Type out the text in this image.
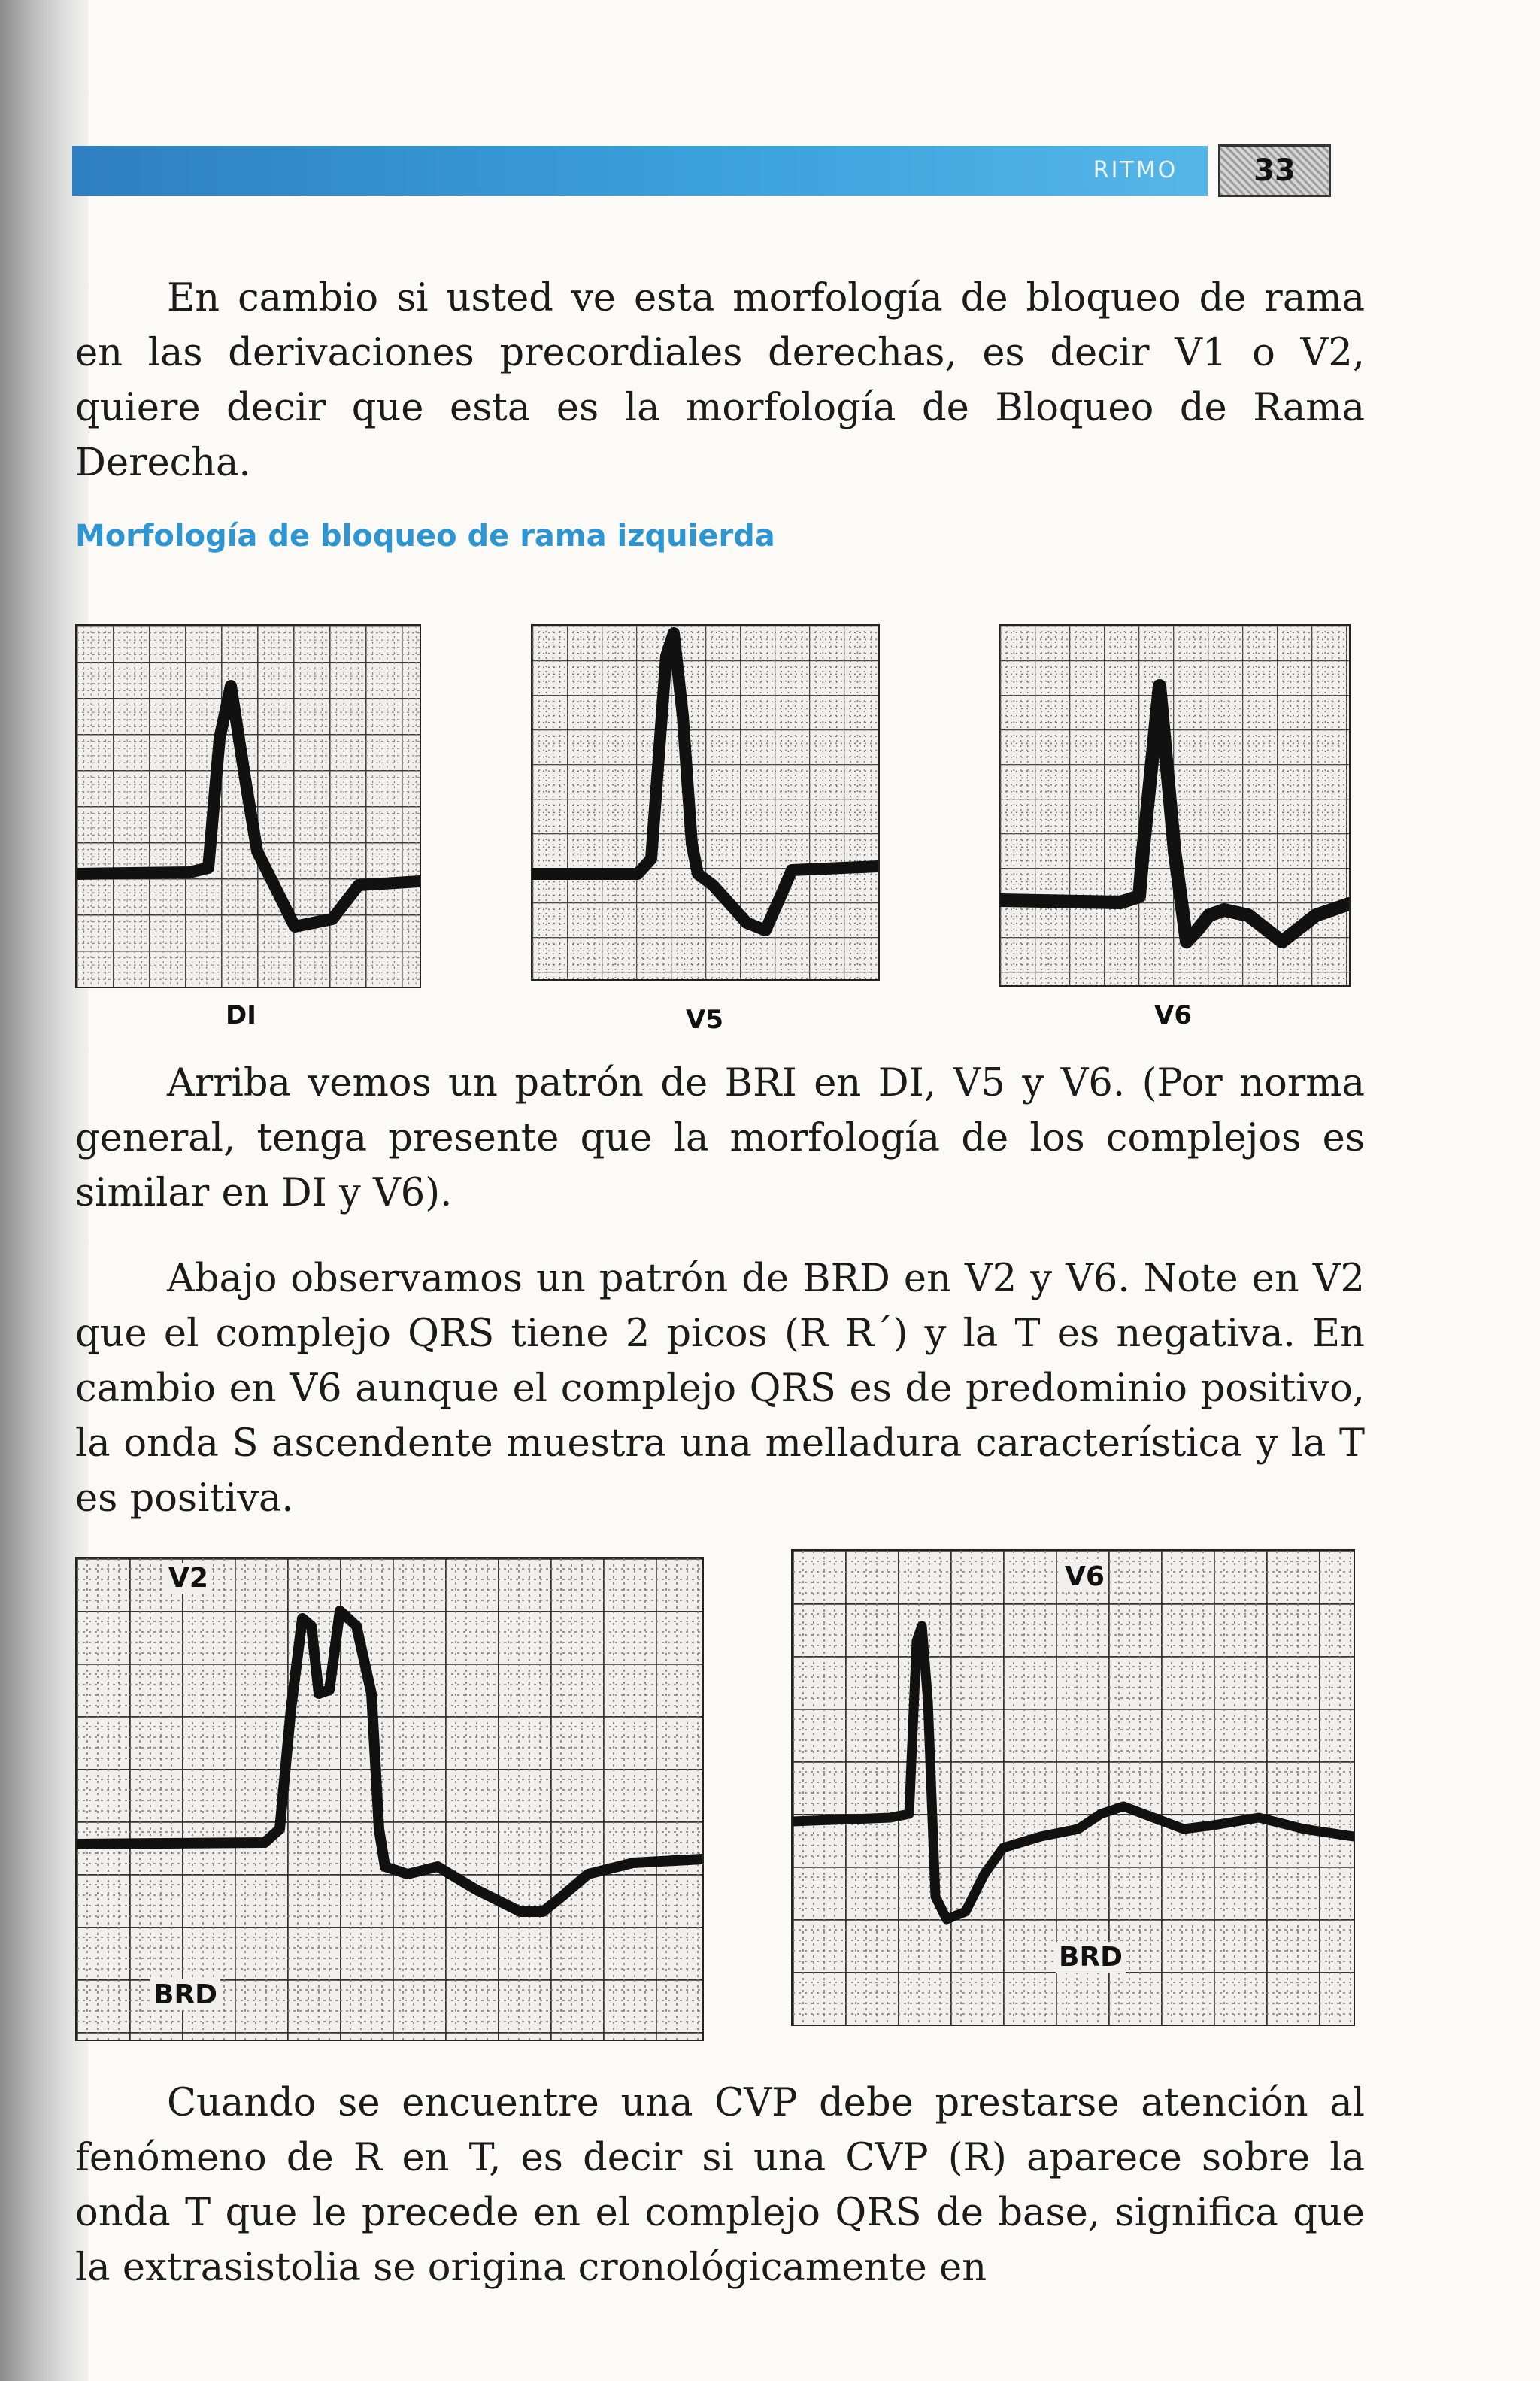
RITMO	33

En cambio si usted ve esta morfología de bloqueo de rama en las derivaciones precordiales derechas, es decir V1 o V2, quiere decir que esta es la morfología de Bloqueo de Rama Derecha.

Morfología de bloqueo de rama izquierda

DI	V5	V6

Arriba vemos un patrón de BRI en DI, V5 y V6. (Por norma general, tenga presente que la morfología de los complejos es similar en DI y V6).

Abajo observamos un patrón de BRD en V2 y V6. Note en V2 que el complejo QRS tiene 2 picos (R R´) y la T es negativa. En cambio en V6 aunque el complejo QRS es de predominio positivo, la onda S ascendente muestra una melladura característica y la T es positiva.

V2
BRD
V6
BRD

Cuando se encuentre una CVP debe prestarse atención al fenómeno de R en T, es decir si una CVP (R) aparece sobre la onda T que le precede en el complejo QRS de base, significa que la extrasistolia se origina cronológicamente en
